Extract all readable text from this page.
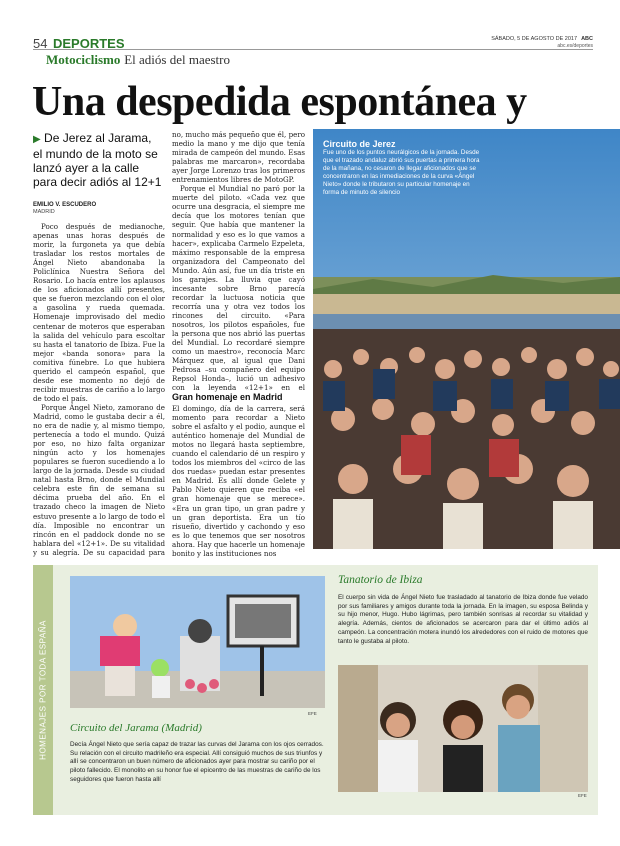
54 DEPORTES	SÁBADO, 5 DE AGOSTO DE 2017 ABC
abc.es/deportes
Motociclismo El adiós del maestro
Una despedida espontánea y
▶ De Jerez al Jarama, el mundo de la moto se lanzó ayer a la calle para decir adiós al 12+1
EMILIO V. ESCUDERO
MADRID

Poco después de medianoche, apenas unas horas después de morir, la furgoneta ya que debía trasladar los restos mortales de Ángel Nieto abandonaba la Policlínica Nuestra Señora del Rosario. Lo hacía entre los aplausos de los aficionados allí presentes, que se fueron mezclando con el olor a gasolina y rueda quemada. Homenaje improvisado del medio centenar de moteros que esperaban la salida del vehículo para escoltar su hasta el tanatorio de Ibiza. Fue la mejor «banda sonora» para la comitiva fúnebre. Lo que hubiera querido el campeón español, que desde ese momento no dejó de recibir muestras de cariño a lo largo de todo el país.

Porque Ángel Nieto, zamorano de Madrid, como le gustaba decir a él, no era de nadie y, al mismo tiempo, pertenecía a todo el mundo. Quizá por eso, no hizo falta organizar ningún acto y los homenajes populares se fueron sucediendo a lo largo de la jornada. Desde su ciudad natal hasta Brno, donde el Mundial celebra este fin de semana su décima prueba del año. En el trazado checo la imagen de Nieto estuvo presente a lo largo de todo el día. Imposible no encontrar un rincón en el paddock donde no se hablara del «12+1». De su vitalidad y su alegría. De su capacidad para

no, mucho más pequeño que él, pero medio la mano y me dijo que tenía mirada de campeón del mundo. Esas palabras me marcaron», recordaba ayer Jorge Lorenzo tras los primeros entrenamientos libres de MotoGP.

Porque el Mundial no paró por la muerte del piloto. «Cada vez que ocurre una desgracia, el siempre me decía que los motores tenían que seguir. Que había que mantener la normalidad y eso es lo que vamos a hacer», explicaba Carmelo Ezpeleta, máximo responsable de la empresa organizadora del Campeonato del Mundo. Aún así, fue un día triste en los garajes. La lluvia que cayó incesante sobre Brno parecía recordar la luctuosa noticia que recorría una y otra vez todos los rincones del circuito. «Para nosotros, los pilotos españoles, fue la persona que nos abrió las puertas del Mundial. Lo recordaré siempre como un maestro», reconocía Marc Márquez que, al igual que Dani Pedrosa –su compañero del equipo Repsol Honda–, lució un adhesivo con la leyenda «12+1» en el

Gran homenaje en Madrid

El domingo, día de la carrera, será momento para recordar a Nieto sobre el asfalto y el podio, aunque el auténtico homenaje del Mundial de motos no llegará hasta septiembre, cuando el calendario dé un respiro y todos los miembros del «circo de las dos ruedas» puedan estar presentes en Madrid. Es allí donde Gelete y Pablo Nieto quieren que reciba «el gran homenaje que se merece». «Era un gran tipo, un gran padre y un gran deportista. Era un tío risueño, divertido y cachondo y eso es lo que tenemos que ser nosotros ahora. Hay que hacerle un homenaje bonito y las instituciones nos

Circuito de Jerez
Fue uno de los puntos neurálgicos de la jornada. Desde que el trazado andaluz abrió sus puertas a primera hora de la mañana, no cesaron de llegar aficionados que se concentraron en las inmediaciones de la curva «Ángel Nieto» donde le tributaron su particular homenaje en forma de minuto de silencio
HOMENAJES POR TODA ESPAÑA	EFE
Circuito del Jarama (Madrid)
Decía Ángel Nieto que sería capaz de trazar las curvas del Jarama con los ojos cerrados. Su relación con el circuito madrileño era especial. Allí consiguió muchos de sus triunfos y allí se concentraron un buen número de aficionados ayer para mostrar su cariño por el piloto fallecido. El monolito en su honor fue el epicentro de las muestras de cariño de los seguidores que fueron hasta allí
Tanatorio de Ibiza
El cuerpo sin vida de Ángel Nieto fue trasladado al tanatorio de Ibiza donde fue velado por sus familiares y amigos durante toda la jornada. En la imagen, su esposa Belinda y su hijo menor, Hugo. Hubo lágrimas, pero también sonrisas al recordar su vitalidad y alegría. Además, cientos de aficionados se acercaron para dar el último adiós al campeón. La concentración motera inundó los alrededores con el ruido de motores que tanto le gustaba al piloto.
EFE
